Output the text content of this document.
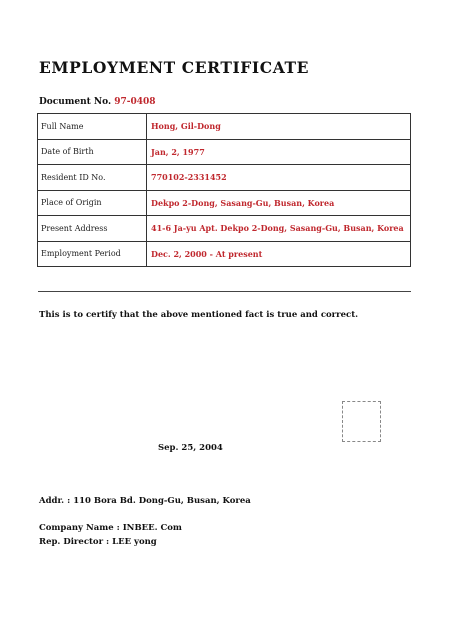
EMPLOYMENT CERTIFICATE
Document No. 97-0408
Full Name	Hong, Gil-Dong
Date of Birth	Jan, 2, 1977
Resident ID No.	770102-2331452
Place of Origin	Dekpo 2-Dong, Sasang-Gu, Busan, Korea
Present Address	41-6 Ja-yu Apt. Dekpo 2-Dong, Sasang-Gu, Busan, Korea
Employment Period	Dec. 2, 2000 - At present
This is to certify that the above mentioned fact is true and correct.
Sep. 25, 2004
Addr. : 110 Bora Bd. Dong-Gu, Busan, Korea
Company Name : INBEE. Com
Rep. Director : LEE yong
